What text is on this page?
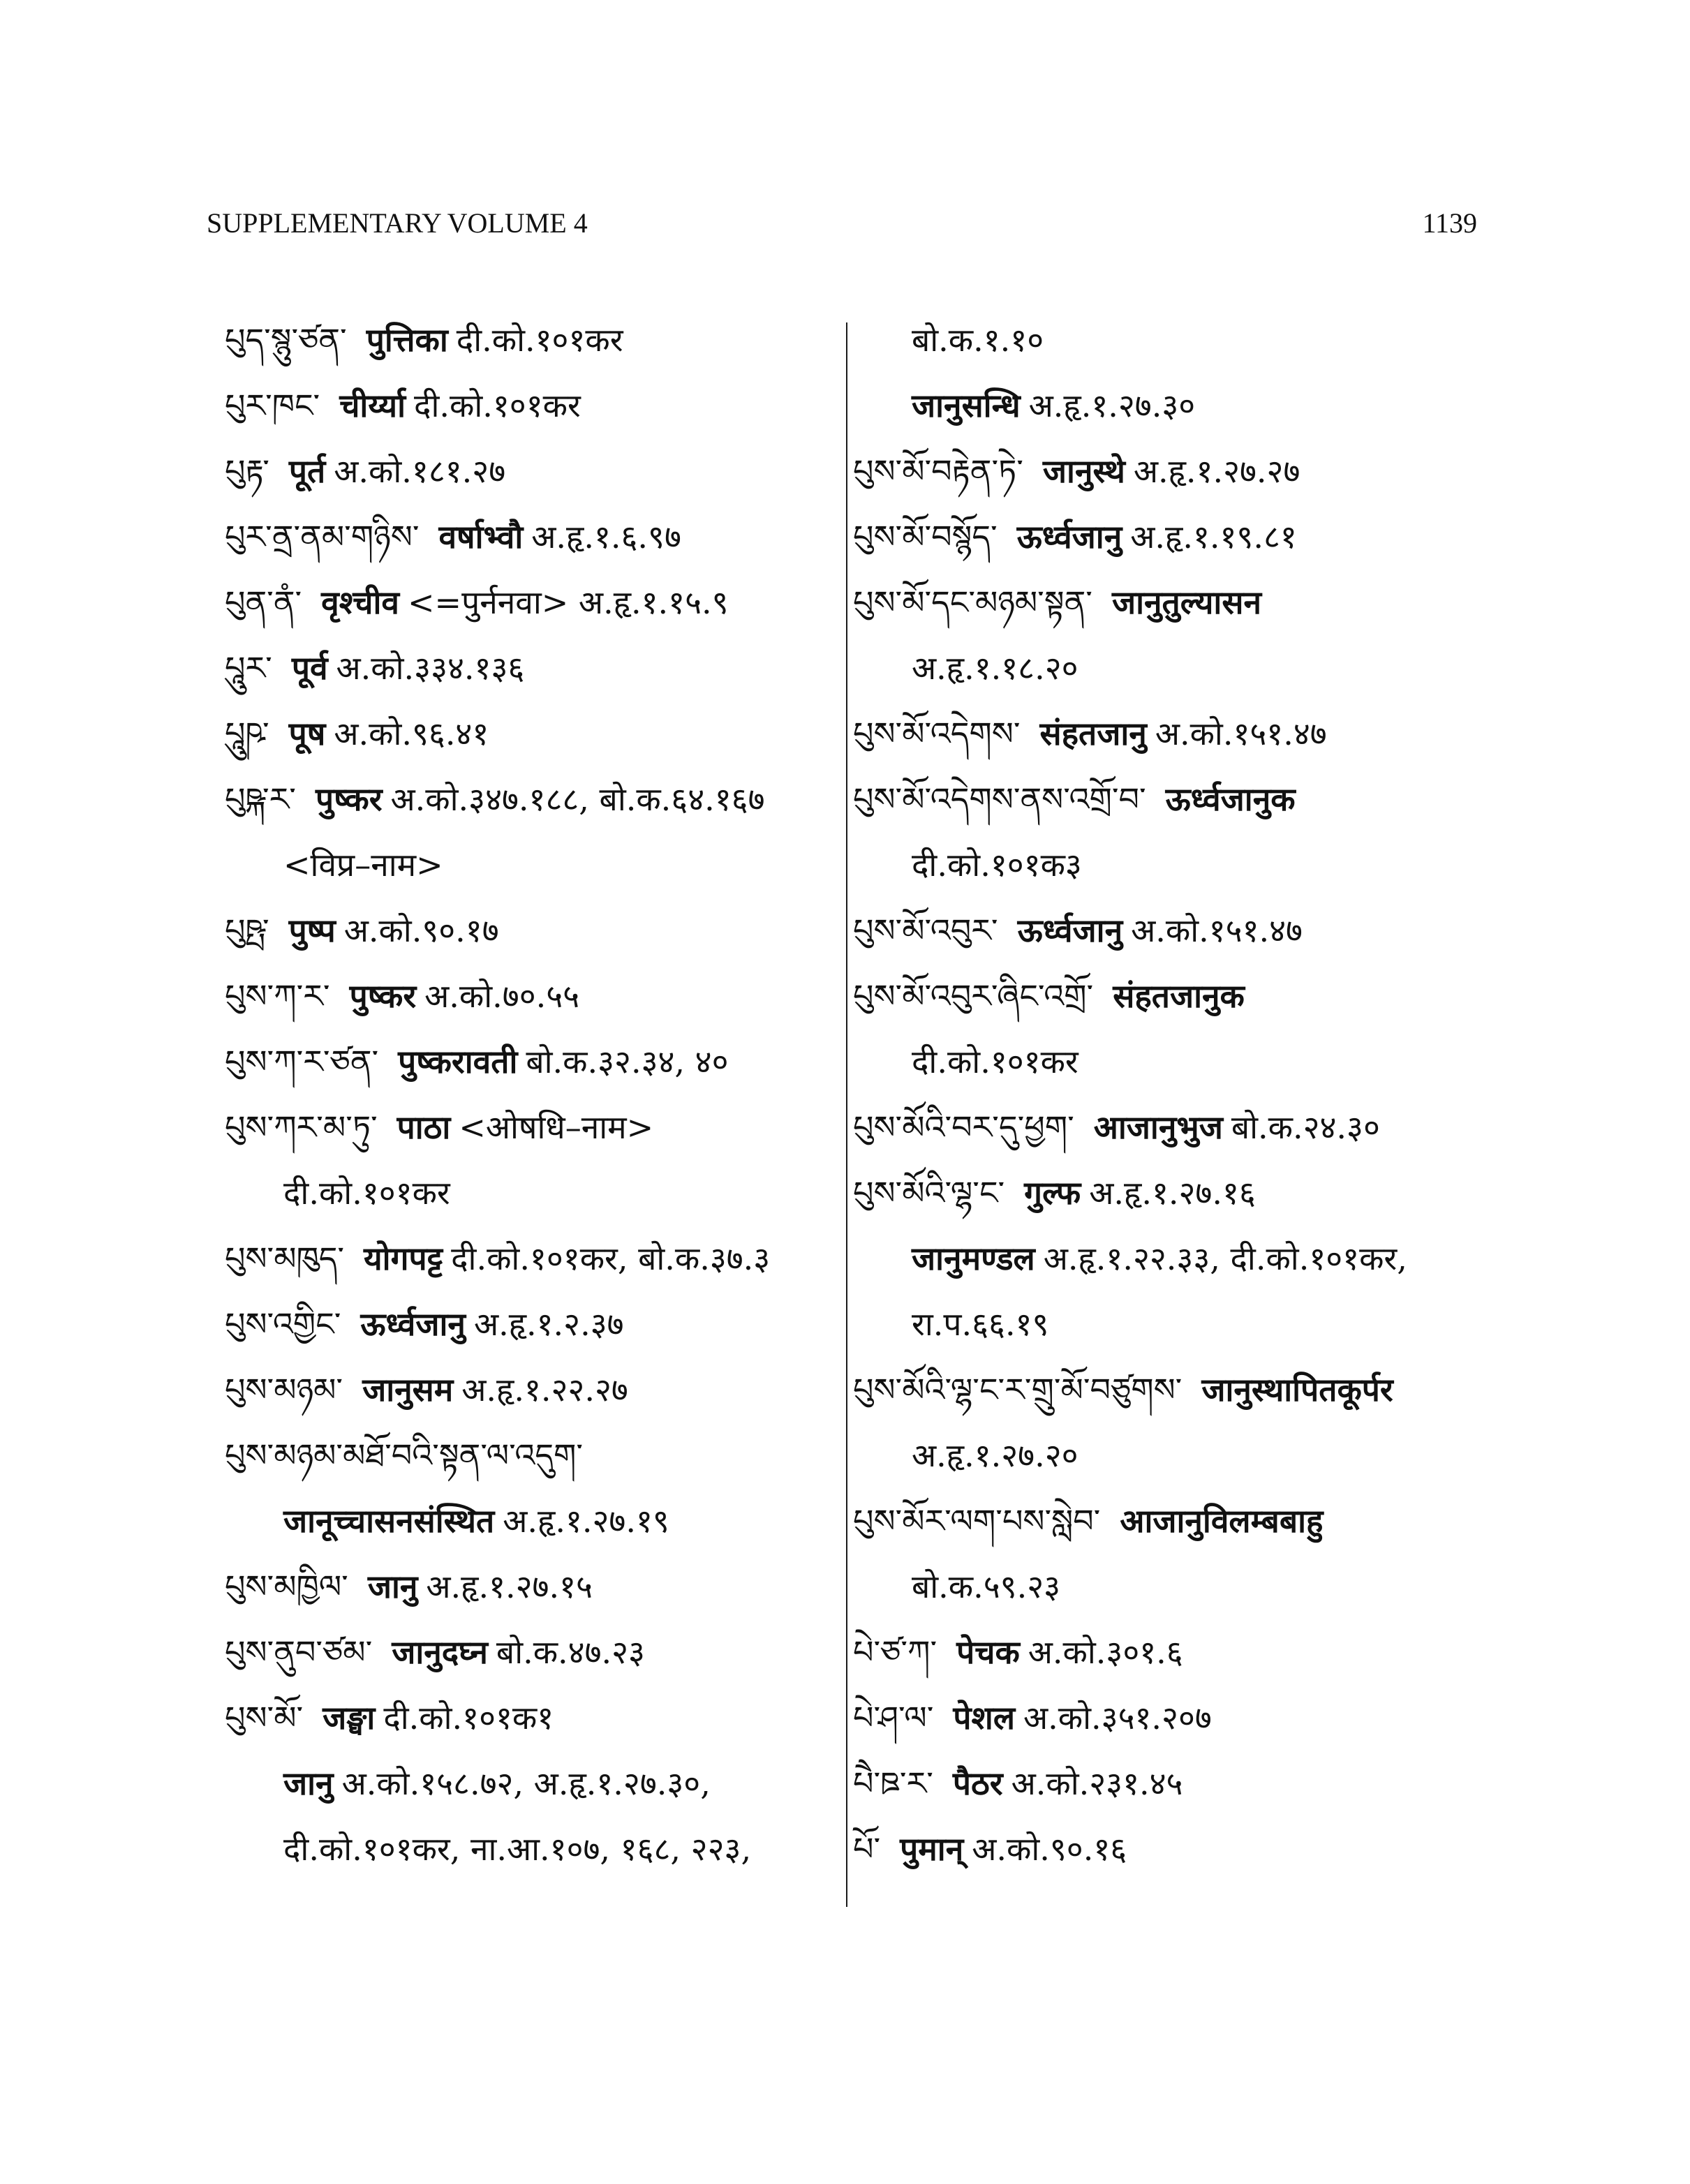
SUPPLEMENTARY VOLUME 4	1139
པུད་སྙུ་ཙན་ पुत्तिका दी.को.१०१कर
པུར་ཁང་ चीर्य्या दी.को.१०१कर
པུརྟ་ पूर्त अ.को.१८१.२७
པུར་ནྲ་ནམ་གཉིས་ वर्षाभ्वौ अ.हृ.१.६.९७
པུན་ནཾ་ वृश्चीव <=पुर्ननवा> अ.हृ.१.१५.९
པཱུཪ་ पूर्व अ.को.३३४.१३६
པཱུཥ་ पूष अ.को.९६.४१
པུཥྐ་ར་ पुष्कर अ.को.३४७.१८८, बो.क.६४.१६७
<विप्र–नाम>
པུཥྤ་ पुष्प अ.को.९०.१७
པུས་ཀ་ར་ पुष्कर अ.को.७०.५५
པུས་ཀ་ར་ཙན་ पुष्करावती बो.क.३२.३४, ४०
པུས་ཀར་མ་ཏུ་ पाठा <ओषधि–नाम>
दी.को.१०१कर
པུས་མཁུད་ योगपट्ट दी.को.१०१कर, बो.क.३७.३
པུས་འགྱིང་ ऊर्ध्वजानु अ.हृ.१.२.३७
པུས་མཉམ་ जानुसम अ.हृ.१.२२.२७
པུས་མཉམ་མཐོ་བའི་སྟན་ལ་འདུག་
जानूच्चासनसंस्थित अ.हृ.१.२७.१९
པུས་མཁྱིལ་ जानु अ.हृ.१.२७.१५
པུས་ནུབ་ཙམ་ जानुदघ्न बो.क.४७.२३
པུས་མོ་ जङ्घा दी.को.१०१क१
जानु अ.को.१५८.७२, अ.हृ.१.२७.३०,
दी.को.१०१कर, ना.आ.१०७, १६८, २२३,
बो.क.१.१०
जानुसन्धि अ.हृ.१.२७.३०
པུས་མོ་བརྟེན་ཏེ་ जानुस्थे अ.हृ.१.२७.२७
པུས་མོ་བསྙོད་ ऊर्ध्वजानु अ.हृ.१.१९.८१
པུས་མོ་དང་མཉམ་སྟན་ जानुतुल्यासन
अ.हृ.१.१८.२०
པུས་མོ་འདེགས་ संहतजानु अ.को.१५१.४७
པུས་མོ་འདེགས་ནས་འགྲོ་བ་ ऊर्ध्वजानुक
दी.को.१०१क३
པུས་མོ་འབུར་ ऊर्ध्वजानु अ.को.१५१.४७
པུས་མོ་འབུར་ཞིང་འགྲོ་ संहतजानुक
दी.को.१०१कर
པུས་མོའི་བར་དུ་ཕྱག་ आजानुभुज बो.क.२४.३०
པུས་མོའི་ལྷ་ང་ गुल्फ अ.हृ.१.२७.१६
जानुमण्डल अ.हृ.१.२२.३३, दी.को.१०१कर,
रा.प.६६.१९
པུས་མོའི་ལྷ་ང་ར་གྲུ་མོ་བཙུགས་ जानुस्थापितकूर्पर
अ.हृ.१.२७.२०
པུས་མོར་ལག་པས་སླེབ་ आजानुविलम्बबाहु
बो.क.५९.२३
པེ་ཙ་ཀ་ पेचक अ.को.३०१.६
པེ་ཤ་ལ་ पेशल अ.को.३५१.२०७
པཻ་ཋ་ར་ पैठर अ.को.२३१.४५
པོ་ पुमान् अ.को.९०.१६
